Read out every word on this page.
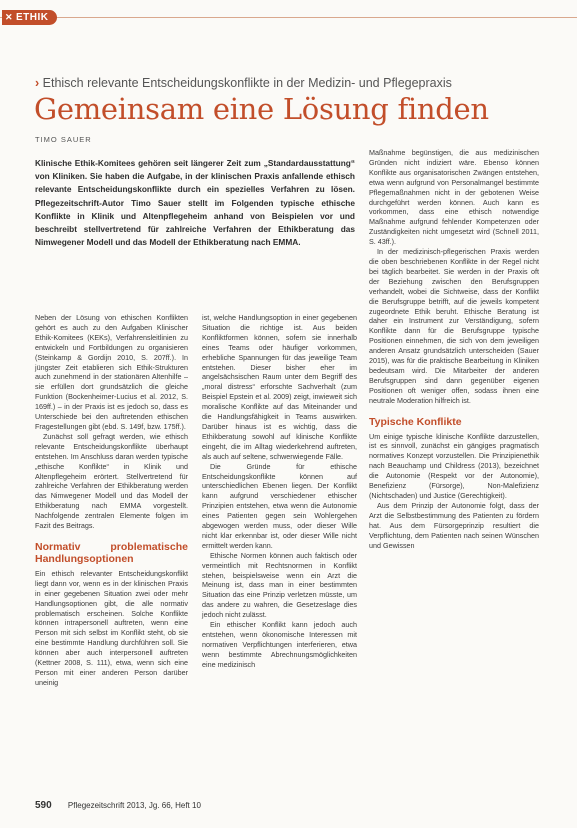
✕ ETHIK
› Ethisch relevante Entscheidungskonflikte in der Medizin- und Pflegepraxis
Gemeinsam eine Lösung finden
TIMO SAUER
Klinische Ethik-Komitees gehören seit längerer Zeit zum „Standardausstattung“ von Kliniken. Sie haben die Aufgabe, in der klinischen Praxis anfallende ethisch relevante Entscheidungskonflikte durch ein spezielles Verfahren zu lösen. Pflegezeitschrift-Autor Timo Sauer stellt im Folgenden typische ethische Konflikte in Klinik und Altenpflegeheim anhand von Beispielen vor und beschreibt stellvertretend für zahlreiche Verfahren der Ethikberatung das Nimwegener Modell und das Modell der Ethikberatung nach EMMA.

Neben der Lösung von ethischen Konflikten gehört es auch zu den Aufgaben Klinischer Ethik-Komitees (KEKs), Verfahrensleitlinien zu entwickeln und Fortbildungen zu organisieren (Steinkamp & Gordijn 2010, S. 207ff.). In jüngster Zeit etablieren sich Ethik-Strukturen auch zunehmend in der stationären Altenhilfe – sie erfüllen dort grundsätzlich die gleiche Funktion (Bockenheimer-Lucius et al. 2012, S. 169ff.) – in der Praxis ist es jedoch so, dass es Unterschiede bei den auftretenden ethischen Fragestellungen gibt (ebd. S. 149f, bzw. 175ff.).

Zunächst soll gefragt werden, wie ethisch relevante Entscheidungskonflikte überhaupt entstehen. Im Anschluss daran werden typische „ethische Konflikte“ in Klinik und Altenpflegeheim erörtert. Stellvertretend für zahlreiche Verfahren der Ethikberatung werden das Nimwegener Modell und das Modell der Ethikberatung nach EMMA vorgestellt. Nachfolgende zentralen Elemente folgen im Fazit des Beitrags.

Normativ problematische Handlungsoptionen

Ein ethisch relevanter Entscheidungskonflikt liegt dann vor, wenn es in der klinischen Praxis in einer gegebenen Situation zwei oder mehr Handlungsoptionen gibt, die alle normativ problematisch erscheinen. Solche Konflikte können intrapersonell auftreten, wenn eine Person mit sich selbst im Konflikt steht, ob sie eine bestimmte Handlung durchführen soll. Sie können aber auch interpersonell auftreten (Kettner 2008, S. 111), etwa, wenn sich eine Person mit einer anderen Person darüber uneinig

ist, welche Handlungsoption in einer gegebenen Situation die richtige ist. Aus beiden Konfliktformen können, sofern sie innerhalb eines Teams oder häufiger vorkommen, erhebliche Spannungen für das jeweilige Team entstehen. Dieser bisher eher im angelsächsischen Raum unter dem Begriff des „moral distress“ erforschte Sachverhalt (zum Beispiel Epstein et al. 2009) zeigt, inwieweit sich moralische Konflikte auf das Miteinander und die Handlungsfähigkeit in Teams auswirken. Darüber hinaus ist es wichtig, dass die Ethikberatung sowohl auf klinische Konflikte eingeht, die im Alltag wiederkehrend auftreten, als auch auf seltene, schwerwiegende Fälle.

Die Gründe für ethische Entscheidungskonflikte können auf unterschiedlichen Ebenen liegen. Der Konflikt kann aufgrund verschiedener ethischer Prinzipien entstehen, etwa wenn die Autonomie eines Patienten gegen sein Wohlergehen abgewogen werden muss, oder dieser Wille nicht klar erkennbar ist, oder dieser Wille nicht ermittelt werden kann.

Ethische Normen können auch faktisch oder vermeintlich mit Rechtsnormen in Konflikt stehen, beispielsweise wenn ein Arzt die Meinung ist, dass man in einer bestimmten Situation das eine Prinzip verletzen müsste, um das andere zu wahren, die Gesetzeslage dies jedoch nicht zulässt.

Ein ethischer Konflikt kann jedoch auch entstehen, wenn ökonomische Interessen mit normativen Verpflichtungen interferieren, etwa wenn bestimmte Abrechnungsmöglichkeiten eine medizinisch

Maßnahme begünstigen, die aus medizinischen Gründen nicht indiziert wäre. Ebenso können Konflikte aus organisatorischen Zwängen entstehen, etwa wenn aufgrund von Personalmangel bestimmte Pflegemaßnahmen nicht in der gebotenen Weise durchgeführt werden können. Auch kann es vorkommen, dass eine ethisch notwendige Maßnahme aufgrund fehlender Kompetenzen oder Zuständigkeiten nicht umgesetzt wird (Schnell 2011, S. 43ff.).

In der medizinisch-pflegerischen Praxis werden die oben beschriebenen Konflikte in der Regel nicht bei täglich bearbeitet. Sie werden in der Praxis oft der Beziehung zwischen den Berufsgruppen verhandelt, wobei die Sichtweise, dass der Konflikt die Berufsgruppe betrifft, auf die jeweils kompetent zugeordnete Ethik beruht. Ethische Beratung ist daher ein Instrument zur Verständigung, sofern Konflikte dann für die Berufsgruppe typische Positionen einnehmen, die sich von dem jeweiligen anderen Ansatz grundsätzlich unterscheiden (Sauer 2015), was für die praktische Bearbeitung in Kliniken bedeutsam wird. Die Mitarbeiter der anderen Berufsgruppen sind dann gegenüber eigenen Positionen oft weniger offen, sodass ihnen eine neutrale Moderation hilfreich ist.

Typische Konflikte

Um einige typische klinische Konflikte darzustellen, ist es sinnvoll, zunächst ein gängiges pragmatisch normatives Konzept vorzustellen. Die Prinzipienethik nach Beauchamp und Childress (2013), bezeichnet die Autonomie (Respekt vor der Autonomie), Benefizienz (Fürsorge), Non-Malefizienz (Nichtschaden) und Justice (Gerechtigkeit).

Aus dem Prinzip der Autonomie folgt, dass der Arzt die Selbstbestimmung des Patienten zu fördern hat. Aus dem Fürsorgeprinzip resultiert die Verpflichtung, dem Patienten nach seinen Wünschen und Gewissen

590 Pflegezeitschrift 2013, Jg. 66, Heft 10
